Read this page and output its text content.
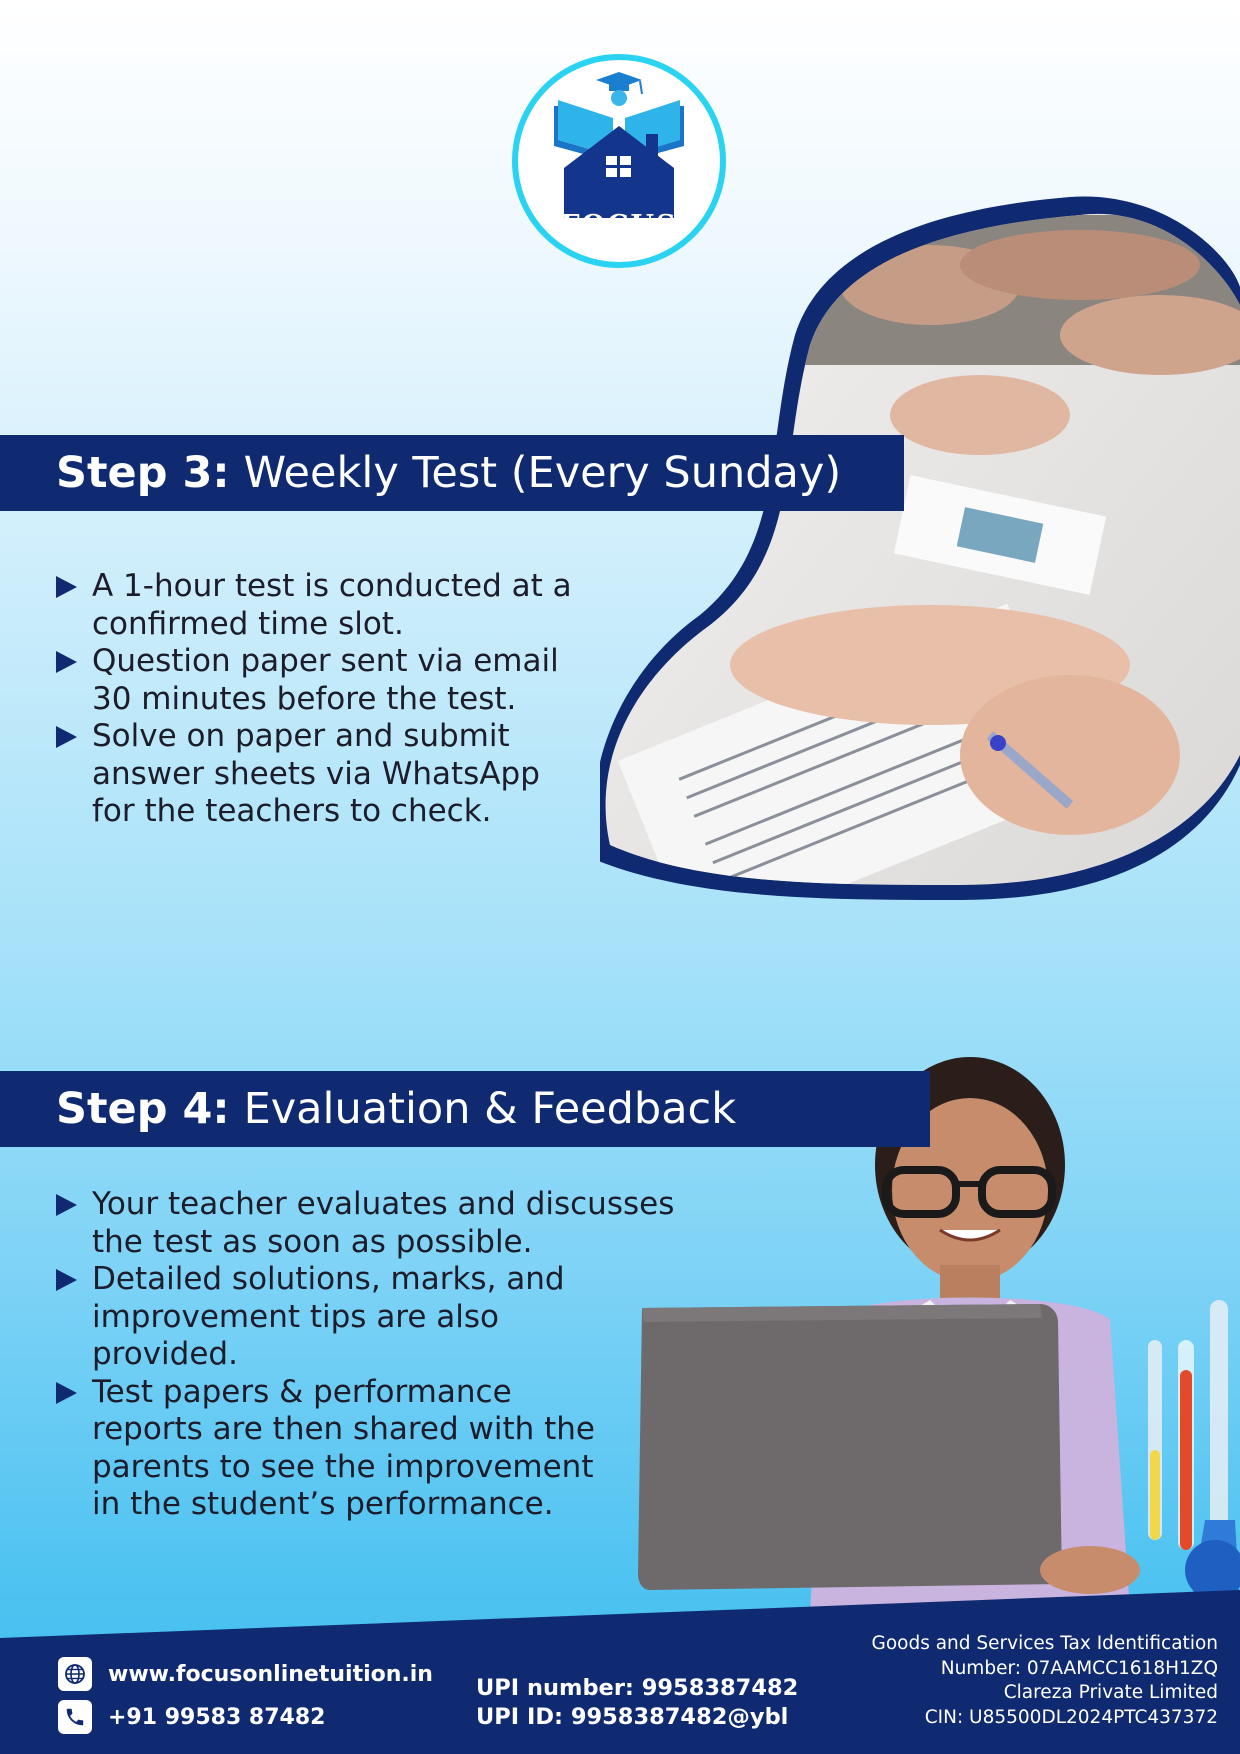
FOCUS
Step 3: Weekly Test (Every Sunday)
A 1-hour test is conducted at a
confirmed time slot.
Question paper sent via email
30 minutes before the test.
Solve on paper and submit
answer sheets via WhatsApp
for the teachers to check.
Step 4: Evaluation & Feedback
Your teacher evaluates and discusses
the test as soon as possible.
Detailed solutions, marks, and
improvement tips are also
provided.
Test papers & performance
reports are then shared with the
parents to see the improvement
in the student’s performance.
www.focusonlinetuition.in
+91 99583 87482
UPI number: 9958387482
UPI ID: 9958387482@ybl
Goods and Services Tax Identification
Number: 07AAMCC1618H1ZQ
Clareza Private Limited
CIN: U85500DL2024PTC437372
